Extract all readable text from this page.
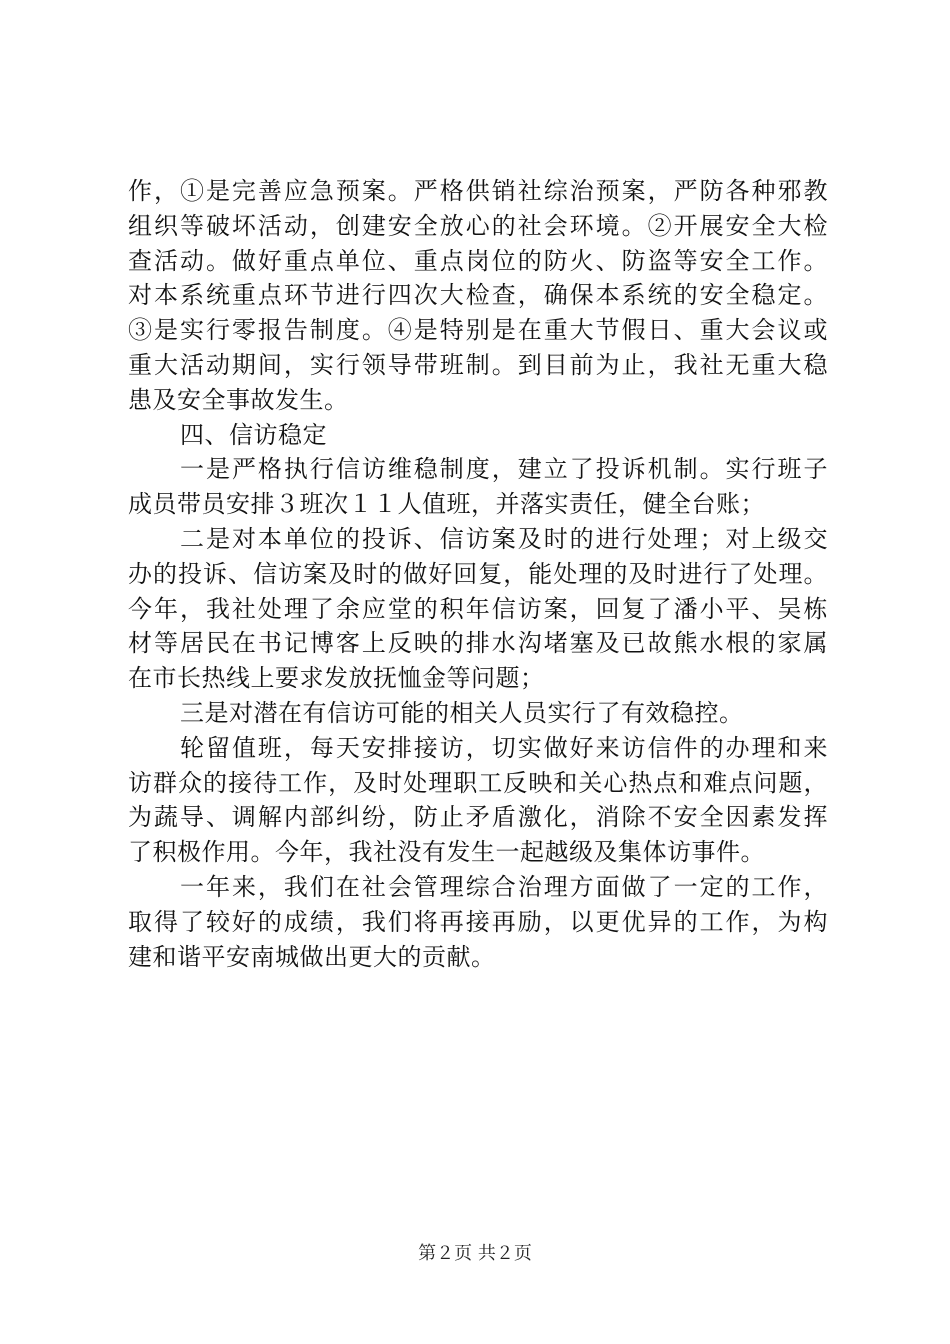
作，①是完善应急预案。严格供销社综治预案，严防各种邪教
组织等破坏活动，创建安全放心的社会环境。②开展安全大检
查活动。做好重点单位、重点岗位的防火、防盗等安全工作。
对本系统重点环节进行四次大检查，确保本系统的安全稳定。
③是实行零报告制度。④是特别是在重大节假日、重大会议或
重大活动期间，实行领导带班制。到目前为止，我社无重大稳
患及安全事故发生。
四、信访稳定
一是严格执行信访维稳制度，建立了投诉机制。实行班子
成员带员安排３班次１１人值班，并落实责任，健全台账；
二是对本单位的投诉、信访案及时的进行处理；对上级交
办的投诉、信访案及时的做好回复，能处理的及时进行了处理。
今年，我社处理了余应堂的积年信访案，回复了潘小平、吴栋
材等居民在书记博客上反映的排水沟堵塞及已故熊水根的家属
在市长热线上要求发放抚恤金等问题；
三是对潜在有信访可能的相关人员实行了有效稳控。
轮留值班，每天安排接访，切实做好来访信件的办理和来
访群众的接待工作，及时处理职工反映和关心热点和难点问题，
为蔬导、调解内部纠纷，防止矛盾激化，消除不安全因素发挥
了积极作用。今年，我社没有发生一起越级及集体访事件。
一年来，我们在社会管理综合治理方面做了一定的工作，
取得了较好的成绩，我们将再接再励，以更优异的工作，为构
建和谐平安南城做出更大的贡献。
第２页 共２页
